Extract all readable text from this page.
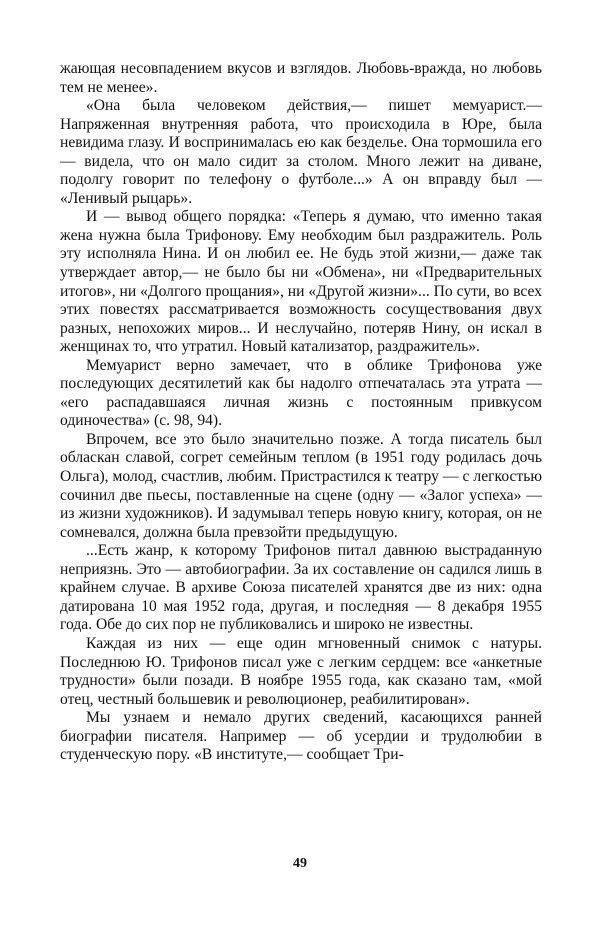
жающая несовпадением вкусов и взглядов. Любовь-вражда, но любовь тем не менее».

«Она была человеком действия,— пишет мемуарист.— Напряженная внутренняя работа, что происходила в Юре, была невидима глазу. И воспринималась ею как безделье. Она тормошила его — видела, что он мало сидит за столом. Много лежит на диване, подолгу говорит по телефону о футболе...» А он вправду был — «Ленивый рыцарь».

И — вывод общего порядка: «Теперь я думаю, что именно такая жена нужна была Трифонову. Ему необходим был раздражитель. Роль эту исполняла Нина. И он любил ее. Не будь этой жизни,— даже так утверждает автор,— не было бы ни «Обмена», ни «Предварительных итогов», ни «Долгого прощания», ни «Другой жизни»... По сути, во всех этих повестях рассматривается возможность сосуществования двух разных, непохожих миров... И неслучайно, потеряв Нину, он искал в женщинах то, что утратил. Новый катализатор, раздражитель».

Мемуарист верно замечает, что в облике Трифонова уже последующих десятилетий как бы надолго отпечаталась эта утрата — «его распадавшаяся личная жизнь с постоянным привкусом одиночества» (с. 98, 94).

Впрочем, все это было значительно позже. А тогда писатель был обласкан славой, согрет семейным теплом (в 1951 году родилась дочь Ольга), молод, счастлив, любим. Пристрастился к театру — с легкостью сочинил две пьесы, поставленные на сцене (одну — «Залог успеха» — из жизни художников). И задумывал теперь новую книгу, которая, он не сомневался, должна была превзойти предыдущую.

...Есть жанр, к которому Трифонов питал давнюю выстраданную неприязнь. Это — автобиографии. За их составление он садился лишь в крайнем случае. В архиве Союза писателей хранятся две из них: одна датирована 10 мая 1952 года, другая, и последняя — 8 декабря 1955 года. Обе до сих пор не публиковались и широко не известны.

Каждая из них — еще один мгновенный снимок с натуры. Последнюю Ю. Трифонов писал уже с легким сердцем: все «анкетные трудности» были позади. В ноябре 1955 года, как сказано там, «мой отец, честный большевик и революционер, реабилитирован».

Мы узнаем и немало других сведений, касающихся ранней биографии писателя. Например — об усердии и трудолюбии в студенческую пору. «В институте,— сообщает Три-

49
